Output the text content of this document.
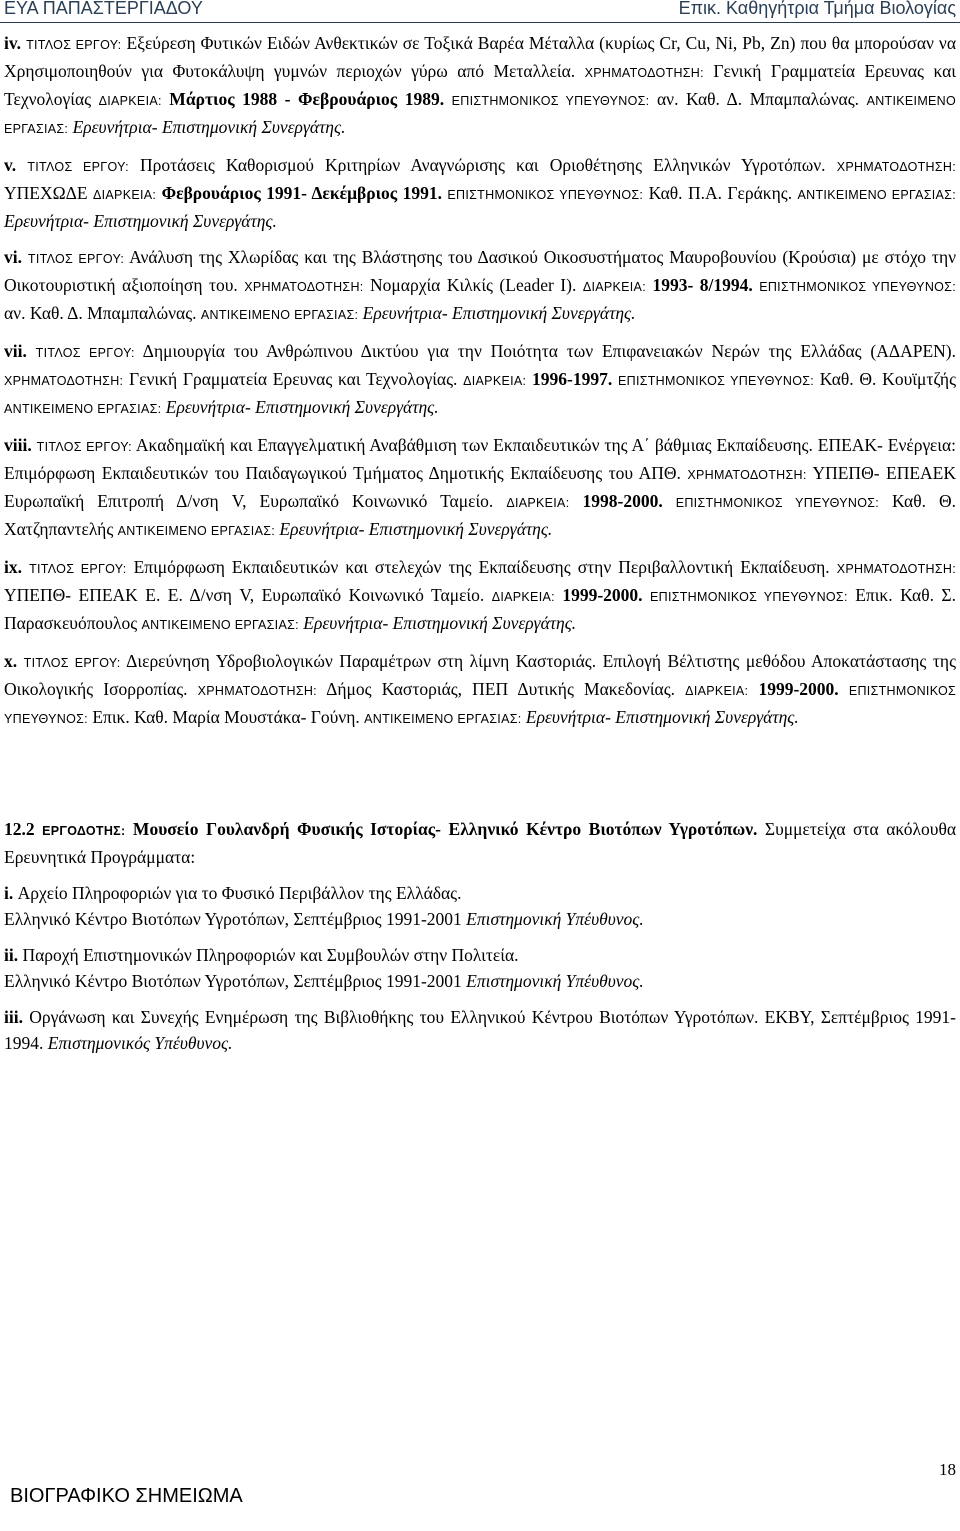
ΕΥΑ ΠΑΠΑΣΤΕΡΓΙΑΔΟΥ	Επικ. Καθηγήτρια Τμήμα Βιολογίας
iv. ΤΙΤΛΟΣ ΕΡΓΟΥ: Εξεύρεση Φυτικών Ειδών Ανθεκτικών σε Τοξικά Βαρέα Μέταλλα (κυρίως Cr, Cu, Ni, Pb, Zn) που θα μπορούσαν να Χρησιμοποιηθούν για Φυτοκάλυψη γυμνών περιοχών γύρω από Μεταλλεία. ΧΡΗΜΑΤΟΔΟΤΗΣΗ: Γενική Γραμματεία Ερευνας και Τεχνολογίας ΔΙΑΡΚΕΙΑ: Μάρτιος 1988 - Φεβρουάριος 1989. ΕΠΙΣΤΗΜΟΝΙΚΟΣ ΥΠΕΥΘΥΝΟΣ: αν. Καθ. Δ. Μπαμπαλώνας. ΑΝΤΙΚΕΙΜΕΝΟ ΕΡΓΑΣΙΑΣ: Ερευνήτρια- Επιστημονική Συνεργάτης.
v. ΤΙΤΛΟΣ ΕΡΓΟΥ: Προτάσεις Καθορισμού Κριτηρίων Αναγνώρισης και Οριοθέτησης Ελληνικών Υγροτόπων. ΧΡΗΜΑΤΟΔΟΤΗΣΗ: ΥΠΕΧΩΔΕ ΔΙΑΡΚΕΙΑ: Φεβρουάριος 1991- Δεκέμβριος 1991. ΕΠΙΣΤΗΜΟΝΙΚΟΣ ΥΠΕΥΘΥΝΟΣ: Καθ. Π.Α. Γεράκης. ΑΝΤΙΚΕΙΜΕΝΟ ΕΡΓΑΣΙΑΣ: Ερευνήτρια- Επιστημονική Συνεργάτης.
vi. ΤΙΤΛΟΣ ΕΡΓΟΥ: Ανάλυση της Χλωρίδας και της Βλάστησης του Δασικού Οικοσυστήματος Μαυροβουνίου (Κρούσια) με στόχο την Οικοτουριστική αξιοποίηση του. ΧΡΗΜΑΤΟΔΟΤΗΣΗ: Νομαρχία Κιλκίς (Leader I). ΔΙΑΡΚΕΙΑ: 1993- 8/1994. ΕΠΙΣΤΗΜΟΝΙΚΟΣ ΥΠΕΥΘΥΝΟΣ: αν. Καθ. Δ. Μπαμπαλώνας. ΑΝΤΙΚΕΙΜΕΝΟ ΕΡΓΑΣΙΑΣ: Ερευνήτρια- Επιστημονική Συνεργάτης.
vii. ΤΙΤΛΟΣ ΕΡΓΟΥ: Δημιουργία του Ανθρώπινου Δικτύου για την Ποιότητα των Επιφανειακών Νερών της Ελλάδας (ΑΔΑΡΕΝ). ΧΡΗΜΑΤΟΔΟΤΗΣΗ: Γενική Γραμματεία Ερευνας και Τεχνολογίας. ΔΙΑΡΚΕΙΑ: 1996-1997. ΕΠΙΣΤΗΜΟΝΙΚΟΣ ΥΠΕΥΘΥΝΟΣ: Καθ. Θ. Κουϊμτζής ΑΝΤΙΚΕΙΜΕΝΟ ΕΡΓΑΣΙΑΣ: Ερευνήτρια- Επιστημονική Συνεργάτης.
viii. ΤΙΤΛΟΣ ΕΡΓΟΥ: Ακαδημαϊκή και Επαγγελματική Αναβάθμιση των Εκπαιδευτικών της Α΄ βάθμιας Εκπαίδευσης. ΕΠΕΑΚ- Ενέργεια: Επιμόρφωση Εκπαιδευτικών του Παιδαγωγικού Τμήματος Δημοτικής Εκπαίδευσης του ΑΠΘ. ΧΡΗΜΑΤΟΔΟΤΗΣΗ: ΥΠΕΠΘ- ΕΠΕΑΕΚ Ευρωπαϊκή Επιτροπή Δ/νση V, Ευρωπαϊκό Κοινωνικό Ταμείο. ΔΙΑΡΚΕΙΑ: 1998-2000. ΕΠΙΣΤΗΜΟΝΙΚΟΣ ΥΠΕΥΘΥΝΟΣ: Καθ. Θ. Χατζηπαντελής ΑΝΤΙΚΕΙΜΕΝΟ ΕΡΓΑΣΙΑΣ: Ερευνήτρια- Επιστημονική Συνεργάτης.
ix. ΤΙΤΛΟΣ ΕΡΓΟΥ: Επιμόρφωση Εκπαιδευτικών και στελεχών της Εκπαίδευσης στην Περιβαλλοντική Εκπαίδευση. ΧΡΗΜΑΤΟΔΟΤΗΣΗ: ΥΠΕΠΘ- ΕΠΕΑΚ Ε. Ε. Δ/νση V, Ευρωπαϊκό Κοινωνικό Ταμείο. ΔΙΑΡΚΕΙΑ: 1999-2000. ΕΠΙΣΤΗΜΟΝΙΚΟΣ ΥΠΕΥΘΥΝΟΣ: Επικ. Καθ. Σ. Παρασκευόπουλος ΑΝΤΙΚΕΙΜΕΝΟ ΕΡΓΑΣΙΑΣ: Ερευνήτρια- Επιστημονική Συνεργάτης.
x. ΤΙΤΛΟΣ ΕΡΓΟΥ: Διερεύνηση Υδροβιολογικών Παραμέτρων στη λίμνη Καστοριάς. Επιλογή Βέλτιστης μεθόδου Αποκατάστασης της Οικολογικής Ισορροπίας. ΧΡΗΜΑΤΟΔΟΤΗΣΗ: Δήμος Καστοριάς, ΠΕΠ Δυτικής Μακεδονίας. ΔΙΑΡΚΕΙΑ: 1999-2000. ΕΠΙΣΤΗΜΟΝΙΚΟΣ ΥΠΕΥΘΥΝΟΣ: Επικ. Καθ. Μαρία Μουστάκα- Γούνη. ΑΝΤΙΚΕΙΜΕΝΟ ΕΡΓΑΣΙΑΣ: Ερευνήτρια- Επιστημονική Συνεργάτης.
12.2 ΕΡΓΟΔΟΤΗΣ: Μουσείο Γουλανδρή Φυσικής Ιστορίας- Ελληνικό Κέντρο Βιοτόπων Υγροτόπων. Συμμετείχα στα ακόλουθα Ερευνητικά Προγράμματα:
i. Αρχείο Πληροφοριών για το Φυσικό Περιβάλλον της Ελλάδας.
Ελληνικό Κέντρο Βιοτόπων Υγροτόπων, Σεπτέμβριος 1991-2001 Επιστημονική Υπέυθυνος.
ii. Παροχή Επιστημονικών Πληροφοριών και Συμβουλών στην Πολιτεία.
Ελληνικό Κέντρο Βιοτόπων Υγροτόπων, Σεπτέμβριος 1991-2001 Επιστημονική Υπέυθυνος.
iii. Οργάνωση και Συνεχής Ενημέρωση της Βιβλιοθήκης του Ελληνικού Κέντρου Βιοτόπων Υγροτόπων. ΕΚΒΥ, Σεπτέμβριος 1991- 1994. Επιστημονικός Υπέυθυνος.
18
ΒΙΟΓΡΑΦΙΚΟ ΣΗΜΕΙΩΜΑ
